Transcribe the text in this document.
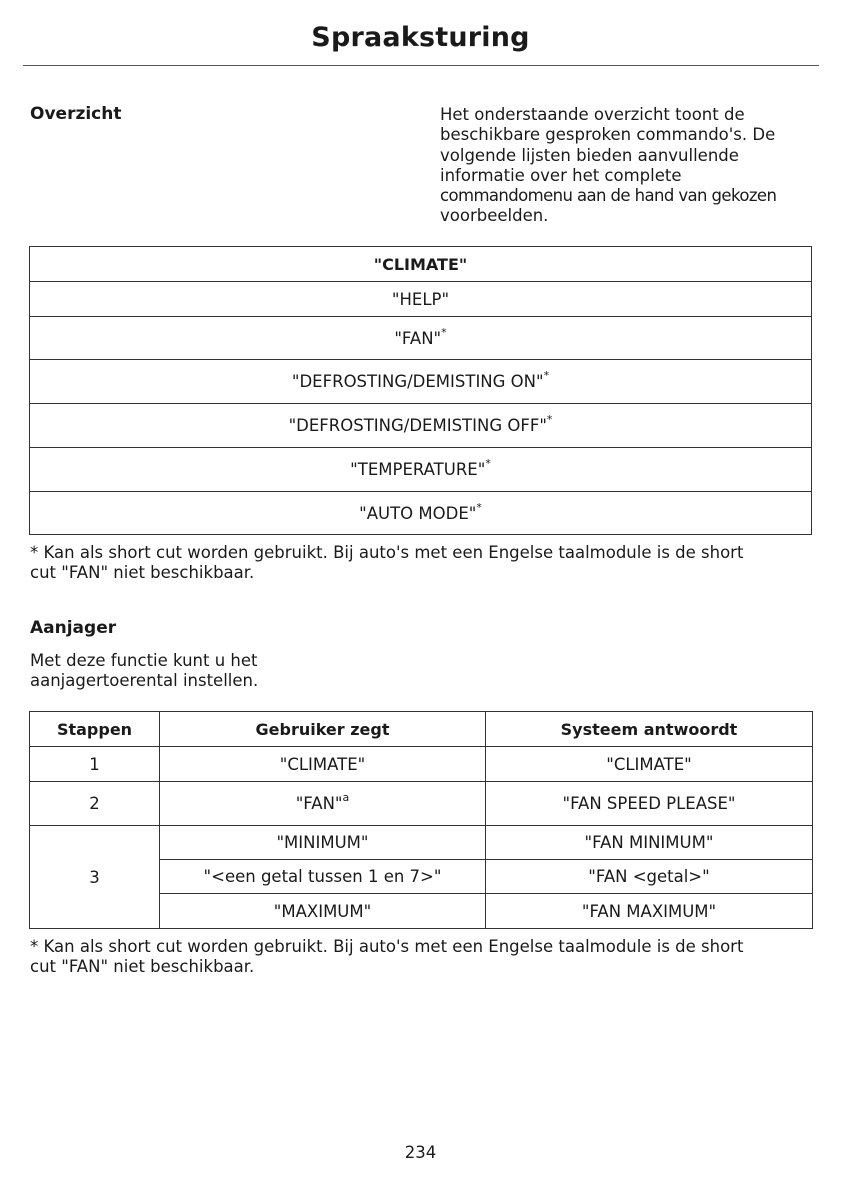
Spraaksturing
Overzicht	Het onderstaande overzicht toont de
beschikbare gesproken commando's. De
volgende lijsten bieden aanvullende
informatie over het complete
commandomenu aan de hand van gekozen
voorbeelden.
"CLIMATE"
"HELP"
"FAN"*
"DEFROSTING/DEMISTING ON"*
"DEFROSTING/DEMISTING OFF"*
"TEMPERATURE"*
"AUTO MODE"*
* Kan als short cut worden gebruikt. Bij auto's met een Engelse taalmodule is de short
cut "FAN" niet beschikbaar.
Aanjager
Met deze functie kunt u het
aanjagertoerental instellen.
Stappen	Gebruiker zegt	Systeem antwoordt
1	"CLIMATE"	"CLIMATE"
2	"FAN"$^a$	"FAN SPEED PLEASE"
3	"MINIMUM"	"FAN MINIMUM"
	"<een getal tussen 1 en 7>"	"FAN <getal>"
	"MAXIMUM"	"FAN MAXIMUM"
* Kan als short cut worden gebruikt. Bij auto's met een Engelse taalmodule is de short
cut "FAN" niet beschikbaar.
234
